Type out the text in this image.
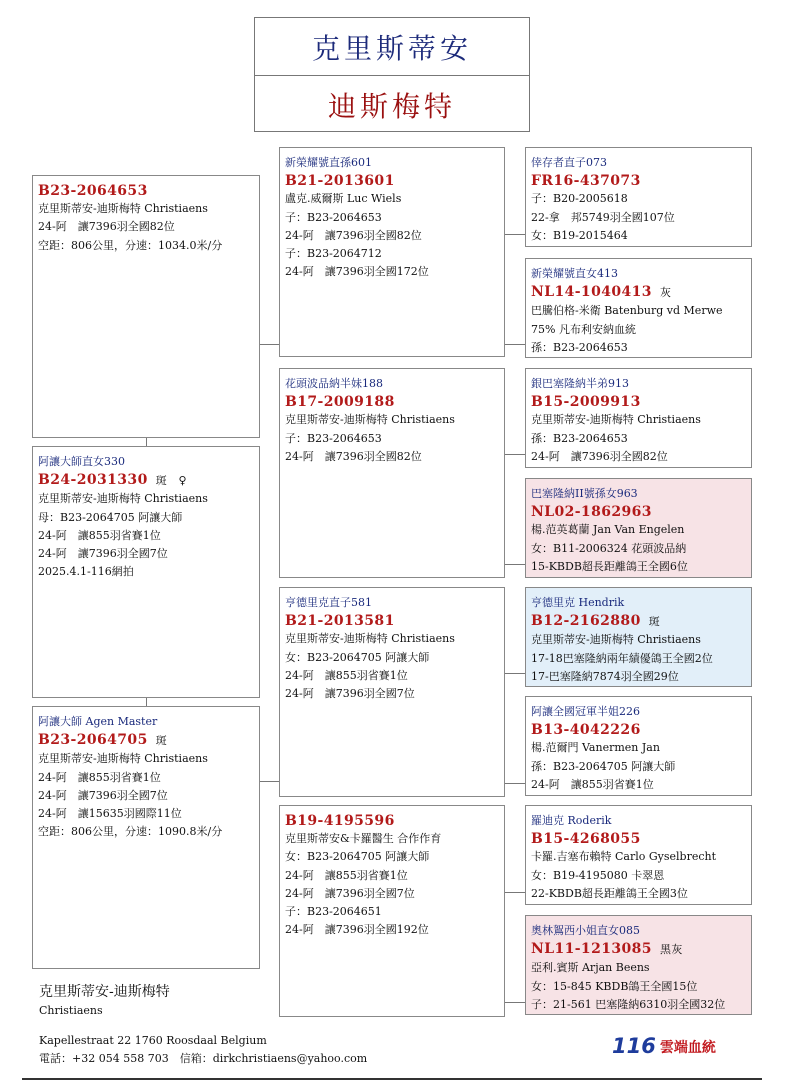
克里斯蒂安
迪斯梅特
B23-2064653
克里斯蒂安-迪斯梅特 Christiaens
24-阿　讓7396羽全國82位
空距：806公里，分速：1034.0米/分
阿讓大師直女330
B24-2031330 斑　♀
克里斯蒂安-迪斯梅特 Christiaens
母：B23-2064705 阿讓大師
24-阿　讓855羽省賽1位
24-阿　讓7396羽全國7位
2025.4.1-116網拍
阿讓大師 Agen Master
B23-2064705 斑
克里斯蒂安-迪斯梅特 Christiaens
24-阿　讓855羽省賽1位
24-阿　讓7396羽全國7位
24-阿　讓15635羽國際11位
空距：806公里，分速：1090.8米/分
新榮耀號直孫601
B21-2013601
盧克.威爾斯 Luc Wiels
子：B23-2064653
24-阿　讓7396羽全國82位
子：B23-2064712
24-阿　讓7396羽全國172位
花頭波品納半妹188
B17-2009188
克里斯蒂安-迪斯梅特 Christiaens
子：B23-2064653
24-阿　讓7396羽全國82位
亨德里克直子581
B21-2013581
克里斯蒂安-迪斯梅特 Christiaens
女：B23-2064705 阿讓大師
24-阿　讓855羽省賽1位
24-阿　讓7396羽全國7位
B19-4195596
克里斯蒂安&卡羅醫生 合作作育
女：B23-2064705 阿讓大師
24-阿　讓855羽省賽1位
24-阿　讓7396羽全國7位
子：B23-2064651
24-阿　讓7396羽全國192位
倖存者直子073
FR16-437073
子：B20-2005618
22-拿　邦5749羽全國107位
女：B19-2015464
新榮耀號直女413
NL14-1040413 灰
巴騰伯格-米衛 Batenburg vd Merwe
75% 凡布利安納血統
孫：B23-2064653
銀巴塞隆納半弟913
B15-2009913
克里斯蒂安-迪斯梅特 Christiaens
孫：B23-2064653
24-阿　讓7396羽全國82位
巴塞隆納II號孫女963
NL02-1862963
楊.范英葛蘭 Jan Van Engelen
女：B11-2006324 花頭波品納
15-KBDB超長距離鴿王全國6位
亨德里克 Hendrik
B12-2162880 斑
克里斯蒂安-迪斯梅特 Christiaens
17-18巴塞隆納兩年績優鴿王全國2位
17-巴塞隆納7874羽全國29位
阿讓全國冠軍半姐226
B13-4042226
楊.范爾門 Vanermen Jan
孫：B23-2064705 阿讓大師
24-阿　讓855羽省賽1位
羅迪克 Roderik
B15-4268055
卡羅.吉塞布賴特 Carlo Gyselbrecht
女：B19-4195080 卡翠恩
22-KBDB超長距離鴿王全國3位
奧林鴽西小姐直女085
NL11-1213085 黑灰
亞利.賓斯 Arjan Beens
女：15-845 KBDB鴿王全國15位
子：21-561 巴塞隆納6310羽全國32位
克里斯蒂安-迪斯梅特
Christiaens
Kapellestraat 22 1760 Roosdaal Belgium
電話：+32 054 558 703　信箱：dirkchristiaens@yahoo.com
116 雲端血統
